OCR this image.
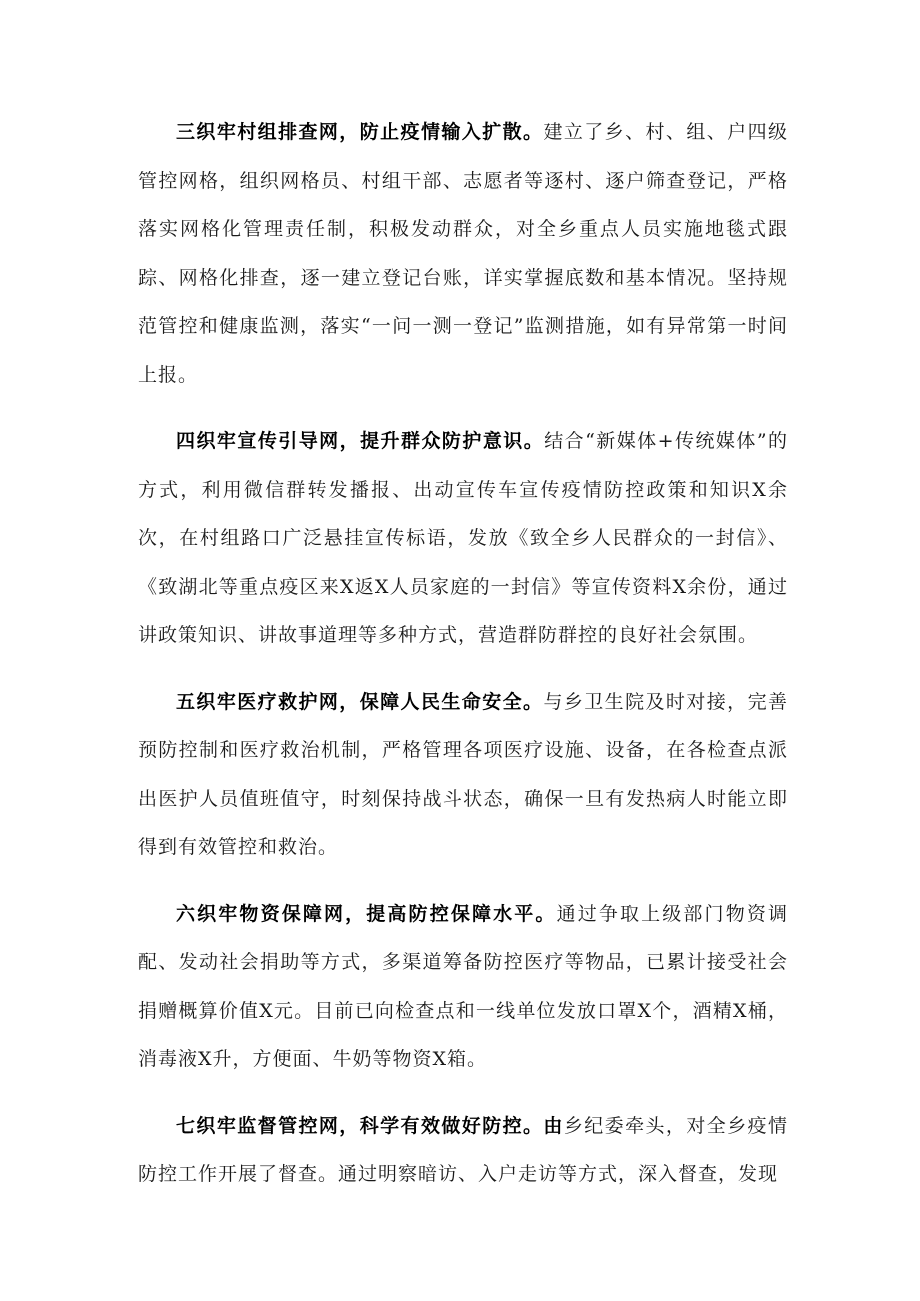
三织牢村组排查网，防止疫情输入扩散。建立了乡、村、组、户四级管控网格，组织网格员、村组干部、志愿者等逐村、逐户筛查登记，严格落实网格化管理责任制，积极发动群众，对全乡重点人员实施地毯式跟踪、网格化排查，逐一建立登记台账，详实掌握底数和基本情况。坚持规范管控和健康监测，落实“一问一测一登记”监测措施，如有异常第一时间上报。

四织牢宣传引导网，提升群众防护意识。结合“新媒体+传统媒体”的方式，利用微信群转发播报、出动宣传车宣传疫情防控政策和知识X余次，在村组路口广泛悬挂宣传标语，发放《致全乡人民群众的一封信》、《致湖北等重点疫区来X返X人员家庭的一封信》等宣传资料X余份，通过讲政策知识、讲故事道理等多种方式，营造群防群控的良好社会氛围。

五织牢医疗救护网，保障人民生命安全。与乡卫生院及时对接，完善预防控制和医疗救治机制，严格管理各项医疗设施、设备，在各检查点派出医护人员值班值守，时刻保持战斗状态，确保一旦有发热病人时能立即得到有效管控和救治。

六织牢物资保障网，提高防控保障水平。通过争取上级部门物资调配、发动社会捐助等方式，多渠道筹备防控医疗等物品，已累计接受社会捐赠概算价值X元。目前已向检查点和一线单位发放口罩X个，酒精X桶，消毒液X升，方便面、牛奶等物资X箱。

七织牢监督管控网，科学有效做好防控。由乡纪委牵头，对全乡疫情防控工作开展了督查。通过明察暗访、入户走访等方式，深入督查，发现
